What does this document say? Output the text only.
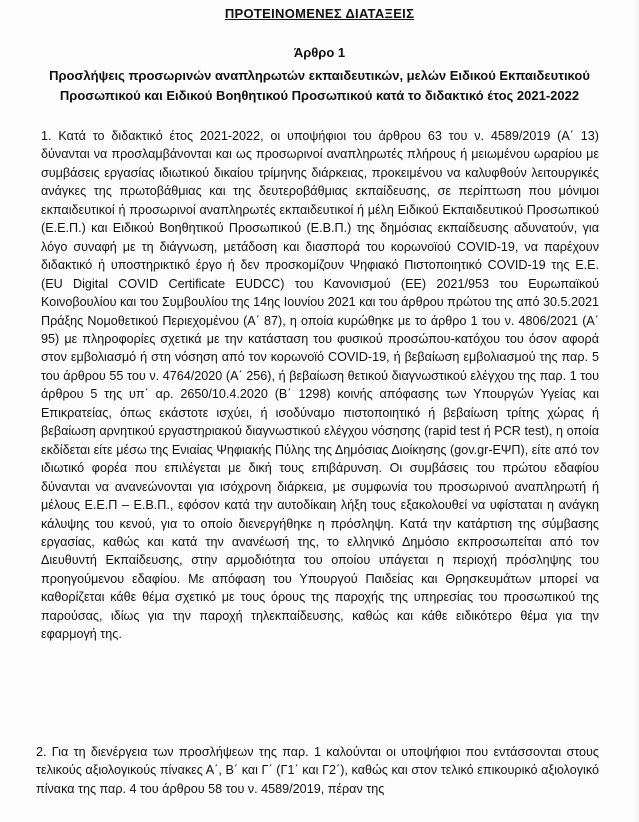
ΠΡΟΤΕΙΝΟΜΕΝΕΣ ΔΙΑΤΑΞΕΙΣ
Άρθρο 1
Προσλήψεις προσωρινών αναπληρωτών εκπαιδευτικών, μελών Ειδικού Εκπαιδευτικού Προσωπικού και Ειδικού Βοηθητικού Προσωπικού κατά το διδακτικό έτος 2021-2022

1. Κατά το διδακτικό έτος 2021-2022, οι υποψήφιοι του άρθρου 63 του ν. 4589/2019 (Α΄ 13) δύνανται να προσλαμβάνονται και ως προσωρινοί αναπληρωτές πλήρους ή μειωμένου ωραρίου με συμβάσεις εργασίας ιδιωτικού δικαίου τρίμηνης διάρκειας, προκειμένου να καλυφθούν λειτουργικές ανάγκες της πρωτοβάθμιας και της δευτεροβάθμιας εκπαίδευσης, σε περίπτωση που μόνιμοι εκπαιδευτικοί ή προσωρινοί αναπληρωτές εκπαιδευτικοί ή μέλη Ειδικού Εκπαιδευτικού Προσωπικού (Ε.Ε.Π.) και Ειδικού Βοηθητικού Προσωπικού (Ε.Β.Π.) της δημόσιας εκπαίδευσης αδυνατούν, για λόγο συναφή με τη διάγνωση, μετάδοση και διασπορά του κορωνοϊού COVID-19, να παρέχουν διδακτικό ή υποστηρικτικό έργο ή δεν προσκομίζουν Ψηφιακό Πιστοποιητικό COVID-19 της Ε.Ε. (EU Digital COVID Certificate EUDCC) του Κανονισμού (ΕΕ) 2021/953 του Ευρωπαϊκού Κοινοβουλίου και του Συμβουλίου της 14ης Ιουνίου 2021 και του άρθρου πρώτου της από 30.5.2021 Πράξης Νομοθετικού Περιεχομένου (Α΄ 87), η οποία κυρώθηκε με το άρθρο 1 του ν. 4806/2021 (Α΄ 95) με πληροφορίες σχετικά με την κατάσταση του φυσικού προσώπου-κατόχου του όσον αφορά στον εμβολιασμό ή στη νόσηση από τον κορωνοϊό COVID-19, ή βεβαίωση εμβολιασμού της παρ. 5 του άρθρου 55 του ν. 4764/2020 (Α΄ 256), ή βεβαίωση θετικού διαγνωστικού ελέγχου της παρ. 1 του άρθρου 5 της υπ΄ αρ. 2650/10.4.2020 (Β΄ 1298) κοινής απόφασης των Υπουργών Υγείας και Επικρατείας, όπως εκάστοτε ισχύει, ή ισοδύναμο πιστοποιητικό ή βεβαίωση τρίτης χώρας ή βεβαίωση αρνητικού εργαστηριακού διαγνωστικού ελέγχου νόσησης (rapid test ή PCR test), η οποία εκδίδεται είτε μέσω της Ενιαίας Ψηφιακής Πύλης της Δημόσιας Διοίκησης (gov.gr-ΕΨΠ), είτε από τον ιδιωτικό φορέα που επιλέγεται με δική τους επιβάρυνση. Οι συμβάσεις του πρώτου εδαφίου δύνανται να ανανεώνονται για ισόχρονη διάρκεια, με συμφωνία του προσωρινού αναπληρωτή ή μέλους Ε.Ε.Π – Ε.Β.Π., εφόσον κατά την αυτοδίκαιη λήξη τους εξακολουθεί να υφίσταται η ανάγκη κάλυψης του κενού, για το οποίο διενεργήθηκε η πρόσληψη. Κατά την κατάρτιση της σύμβασης εργασίας, καθώς και κατά την ανανέωσή της, το ελληνικό Δημόσιο εκπροσωπείται από τον Διευθυντή Εκπαίδευσης, στην αρμοδιότητα του οποίου υπάγεται η περιοχή πρόσληψης του προηγούμενου εδαφίου. Με απόφαση του Υπουργού Παιδείας και Θρησκευμάτων μπορεί να καθορίζεται κάθε θέμα σχετικό με τους όρους της παροχής της υπηρεσίας του προσωπικού της παρούσας, ιδίως για την παροχή τηλεκπαίδευσης, καθώς και κάθε ειδικότερο θέμα για την εφαρμογή της.

2. Για τη διενέργεια των προσλήψεων της παρ. 1 καλούνται οι υποψήφιοι που εντάσσονται στους τελικούς αξιολογικούς πίνακες Α΄, Β΄ και Γ΄ (Γ1΄ και Γ2΄), καθώς και στον τελικό επικουρικό αξιολογικό πίνακα της παρ. 4 του άρθρου 58 του ν. 4589/2019, πέραν της
